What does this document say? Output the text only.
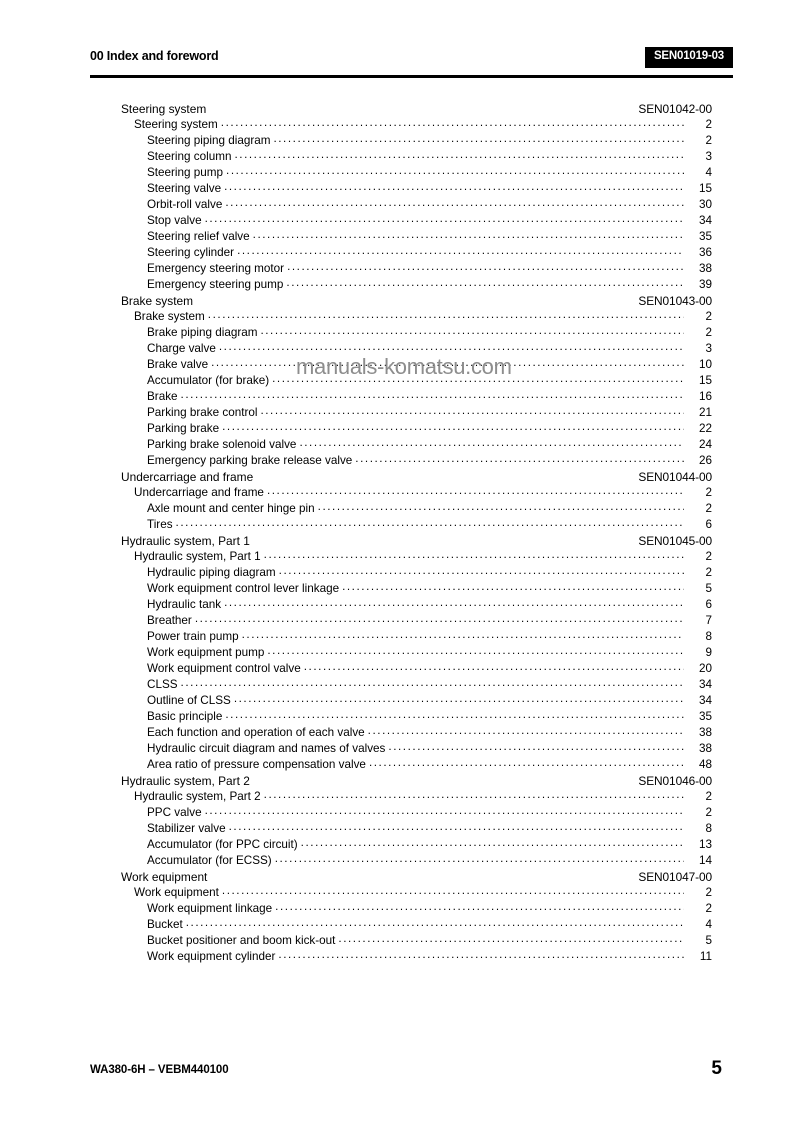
00 Index and foreword	SEN01019-03
Steering system	SEN01042-00
Steering system .....	2
Steering piping diagram .....	2
Steering column .....	3
Steering pump .....	4
Steering valve .....	15
Orbit-roll valve .....	30
Stop valve .....	34
Steering relief valve .....	35
Steering cylinder .....	36
Emergency steering motor .....	38
Emergency steering pump .....	39
Brake system	SEN01043-00
Brake system .....	2
Brake piping diagram .....	2
Charge valve .....	3
Brake valve .....	10
Accumulator (for brake) .....	15
Brake .....	16
Parking brake control .....	21
Parking brake .....	22
Parking brake solenoid valve .....	24
Emergency parking brake release valve .....	26
Undercarriage and frame	SEN01044-00
Undercarriage and frame .....	2
Axle mount and center hinge pin .....	2
Tires .....	6
Hydraulic system, Part 1	SEN01045-00
Hydraulic system, Part 1 .....	2
Hydraulic piping diagram .....	2
Work equipment control lever linkage .....	5
Hydraulic tank .....	6
Breather .....	7
Power train pump .....	8
Work equipment pump .....	9
Work equipment control valve .....	20
CLSS .....	34
Outline of CLSS .....	34
Basic principle .....	35
Each function and operation of each valve .....	38
Hydraulic circuit diagram and names of valves .....	38
Area ratio of pressure compensation valve .....	48
Hydraulic system, Part 2	SEN01046-00
Hydraulic system, Part 2 .....	2
PPC valve .....	2
Stabilizer valve .....	8
Accumulator (for PPC circuit) .....	13
Accumulator (for ECSS) .....	14
Work equipment	SEN01047-00
Work equipment .....	2
Work equipment linkage .....	2
Bucket .....	4
Bucket positioner and boom kick-out .....	5
Work equipment cylinder .....	11
manuals-komatsu.com
WA380-6H – VEBM440100	5
